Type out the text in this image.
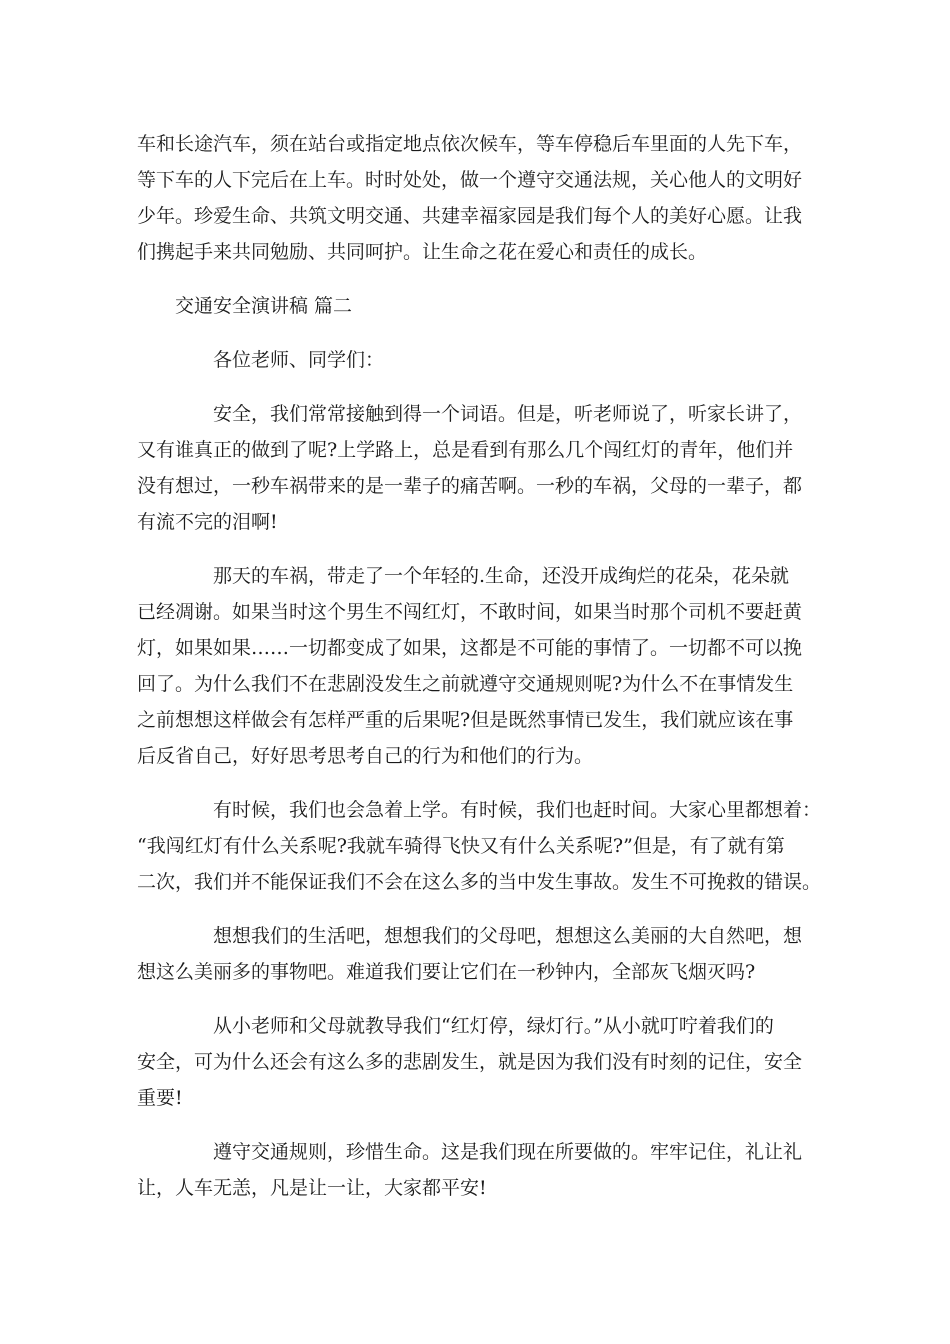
车和长途汽车，须在站台或指定地点依次候车，等车停稳后车里面的人先下车，

等下车的人下完后在上车。时时处处，做一个遵守交通法规，关心他人的文明好

少年。珍爱生命、共筑文明交通、共建幸福家园是我们每个人的美好心愿。让我

们携起手来共同勉励、共同呵护。让生命之花在爱心和责任的成长。

交通安全演讲稿 篇二

各位老师、同学们：

安全，我们常常接触到得一个词语。但是，听老师说了，听家长讲了，

又有谁真正的做到了呢?上学路上，总是看到有那么几个闯红灯的青年，他们并

没有想过，一秒车祸带来的是一辈子的痛苦啊。一秒的车祸，父母的一辈子，都

有流不完的泪啊!

那天的车祸，带走了一个年轻的.生命，还没开成绚烂的花朵，花朵就

已经凋谢。如果当时这个男生不闯红灯，不敢时间，如果当时那个司机不要赶黄

灯，如果如果……一切都变成了如果，这都是不可能的事情了。一切都不可以挽

回了。为什么我们不在悲剧没发生之前就遵守交通规则呢?为什么不在事情发生

之前想想这样做会有怎样严重的后果呢?但是既然事情已发生，我们就应该在事

后反省自己，好好思考思考自己的行为和他们的行为。

有时候，我们也会急着上学。有时候，我们也赶时间。大家心里都想着：

“我闯红灯有什么关系呢?我就车骑得飞快又有什么关系呢?”但是，有了就有第

二次，我们并不能保证我们不会在这么多的当中发生事故。发生不可挽救的错误。

想想我们的生活吧，想想我们的父母吧，想想这么美丽的大自然吧，想

想这么美丽多的事物吧。难道我们要让它们在一秒钟内，全部灰飞烟灭吗?

从小老师和父母就教导我们“红灯停，绿灯行。”从小就叮咛着我们的

安全，可为什么还会有这么多的悲剧发生，就是因为我们没有时刻的记住，安全

重要!

遵守交通规则，珍惜生命。这是我们现在所要做的。牢牢记住，礼让礼

让，人车无恙，凡是让一让，大家都平安!
